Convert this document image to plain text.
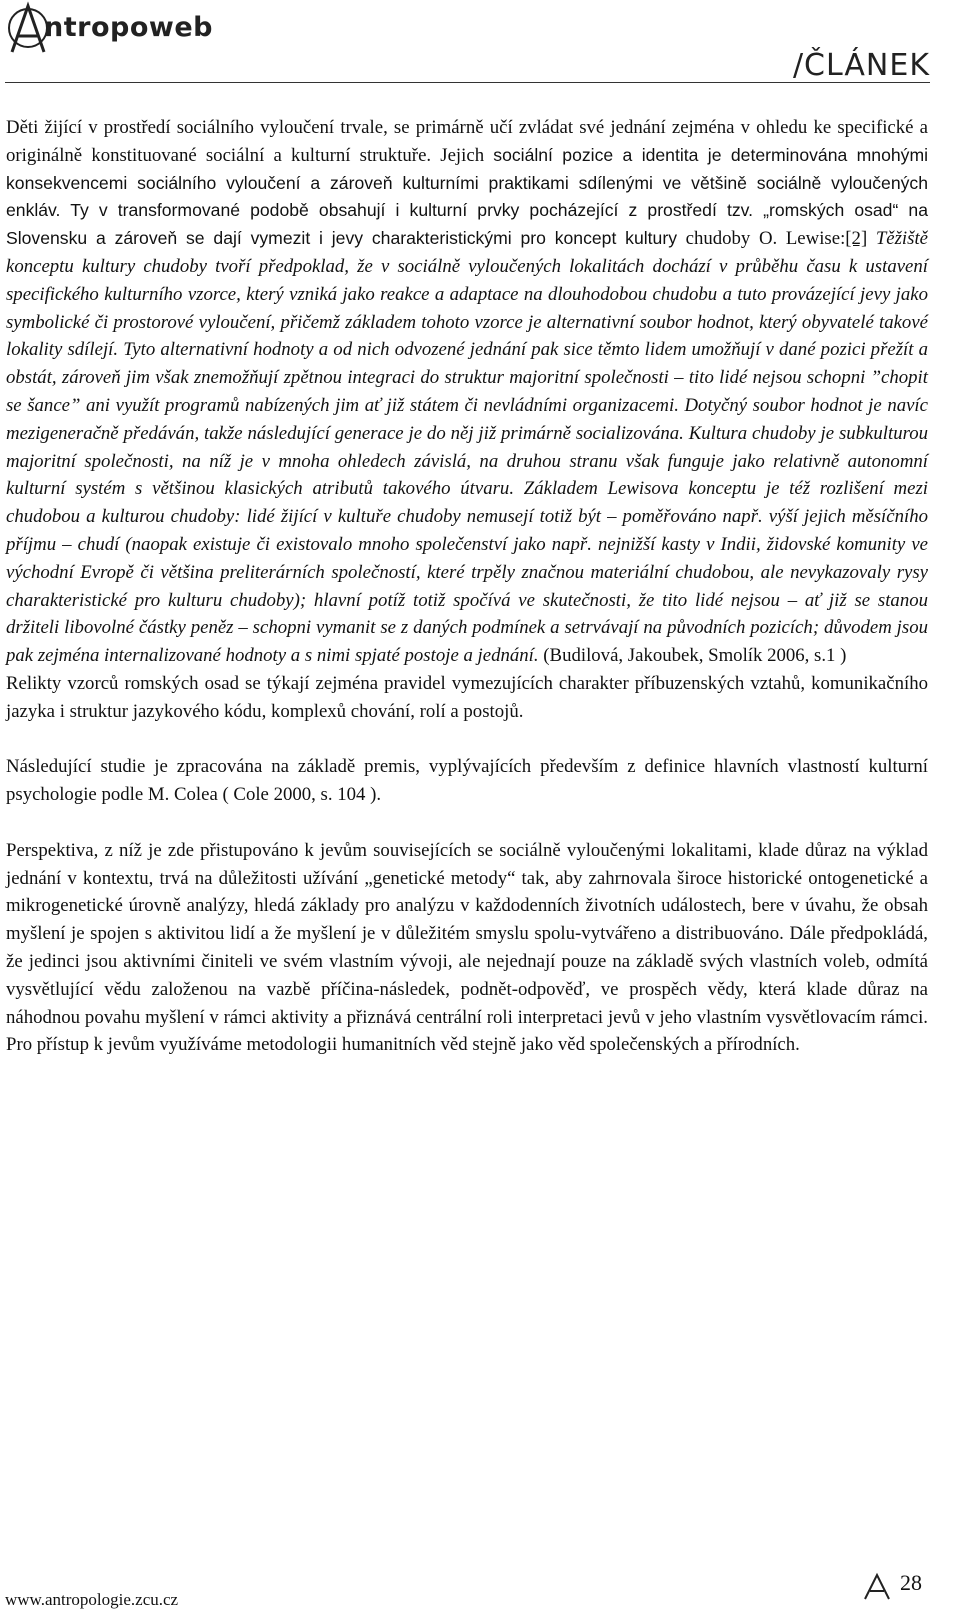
ntropoweb
/ČLÁNEK

Děti žijící v prostředí sociálního vyloučení trvale, se primárně učí zvládat své jednání zejména v ohledu ke specifické a originálně konstituované sociální a kulturní struktuře. Jejich sociální pozice a identita je determinována mnohými konsekvencemi sociálního vyloučení a zároveň kulturními praktikami sdílenými ve většině sociálně vyloučených enkláv. Ty v transformované podobě obsahují i kulturní prvky pocházející z prostředí tzv. „romských osad“ na Slovensku a zároveň se dají vymezit i jevy charakteristickými pro koncept kultury chudoby O. Lewise:[2] Těžiště konceptu kultury chudoby tvoří předpoklad, že v sociálně vyloučených lokalitách dochází v průběhu času k ustavení specifického kulturního vzorce, který vzniká jako reakce a adaptace na dlouhodobou chudobu a tuto provázející jevy jako symbolické či prostorové vyloučení, přičemž základem tohoto vzorce je alternativní soubor hodnot, který obyvatelé takové lokality sdílejí. Tyto alternativní hodnoty a od nich odvozené jednání pak sice těmto lidem umožňují v dané pozici přežít a obstát, zároveň jim však znemožňují zpětnou integraci do struktur majoritní společnosti – tito lidé nejsou schopni ”chopit se šance” ani využít programů nabízených jim ať již státem či nevládními organizacemi. Dotyčný soubor hodnot je navíc mezigeneračně předáván, takže následující generace je do něj již primárně socializována. Kultura chudoby je subkulturou majoritní společnosti, na níž je v mnoha ohledech závislá, na druhou stranu však funguje jako relativně autonomní kulturní systém s většinou klasických atributů takového útvaru. Základem Lewisova konceptu je též rozlišení mezi chudobou a kulturou chudoby: lidé žijící v kultuře chudoby nemusejí totiž být – poměřováno např. výší jejich měsíčního příjmu – chudí (naopak existuje či existovalo mnoho společenství jako např. nejnižší kasty v Indii, židovské komunity ve východní Evropě či většina preliterárních společností, které trpěly značnou materiální chudobou, ale nevykazovaly rysy charakteristické pro kulturu chudoby); hlavní potíž totiž spočívá ve skutečnosti, že tito lidé nejsou – ať již se stanou držiteli libovolné částky peněz – schopni vymanit se z daných podmínek a setrvávají na původních pozicích; důvodem jsou pak zejména internalizované hodnoty a s nimi spjaté postoje a jednání. (Budilová, Jakoubek, Smolík 2006, s.1 )

Relikty vzorců romských osad se týkají zejména pravidel vymezujících charakter příbuzenských vztahů, komunikačního jazyka i struktur jazykového kódu, komplexů chování, rolí a postojů.

Následující studie je zpracována na základě premis, vyplývajících především z definice hlavních vlastností kulturní psychologie podle M. Colea ( Cole 2000, s. 104 ).

Perspektiva, z níž je zde přistupováno k jevům souvisejících se sociálně vyloučenými lokalitami, klade důraz na výklad jednání v kontextu, trvá na důležitosti užívání „genetické metody“ tak, aby zahrnovala široce historické ontogenetické a mikrogenetické úrovně analýzy, hledá základy pro analýzu v každodenních životních událostech, bere v úvahu, že obsah myšlení je spojen s aktivitou lidí a že myšlení je v důležitém smyslu spolu-vytvářeno a distribuováno. Dále předpokládá, že jedinci jsou aktivními činiteli ve svém vlastním vývoji, ale nejednají pouze na základě svých vlastních voleb, odmítá vysvětlující vědu založenou na vazbě příčina-následek, podnět-odpověď, ve prospěch vědy, která klade důraz na náhodnou povahu myšlení v rámci aktivity a přiznává centrální roli interpretaci jevů v jeho vlastním vysvětlovacím rámci. Pro přístup k jevům využíváme metodologii humanitních věd stejně jako věd společenských a přírodních.

www.antropologie.zcu.cz
28
